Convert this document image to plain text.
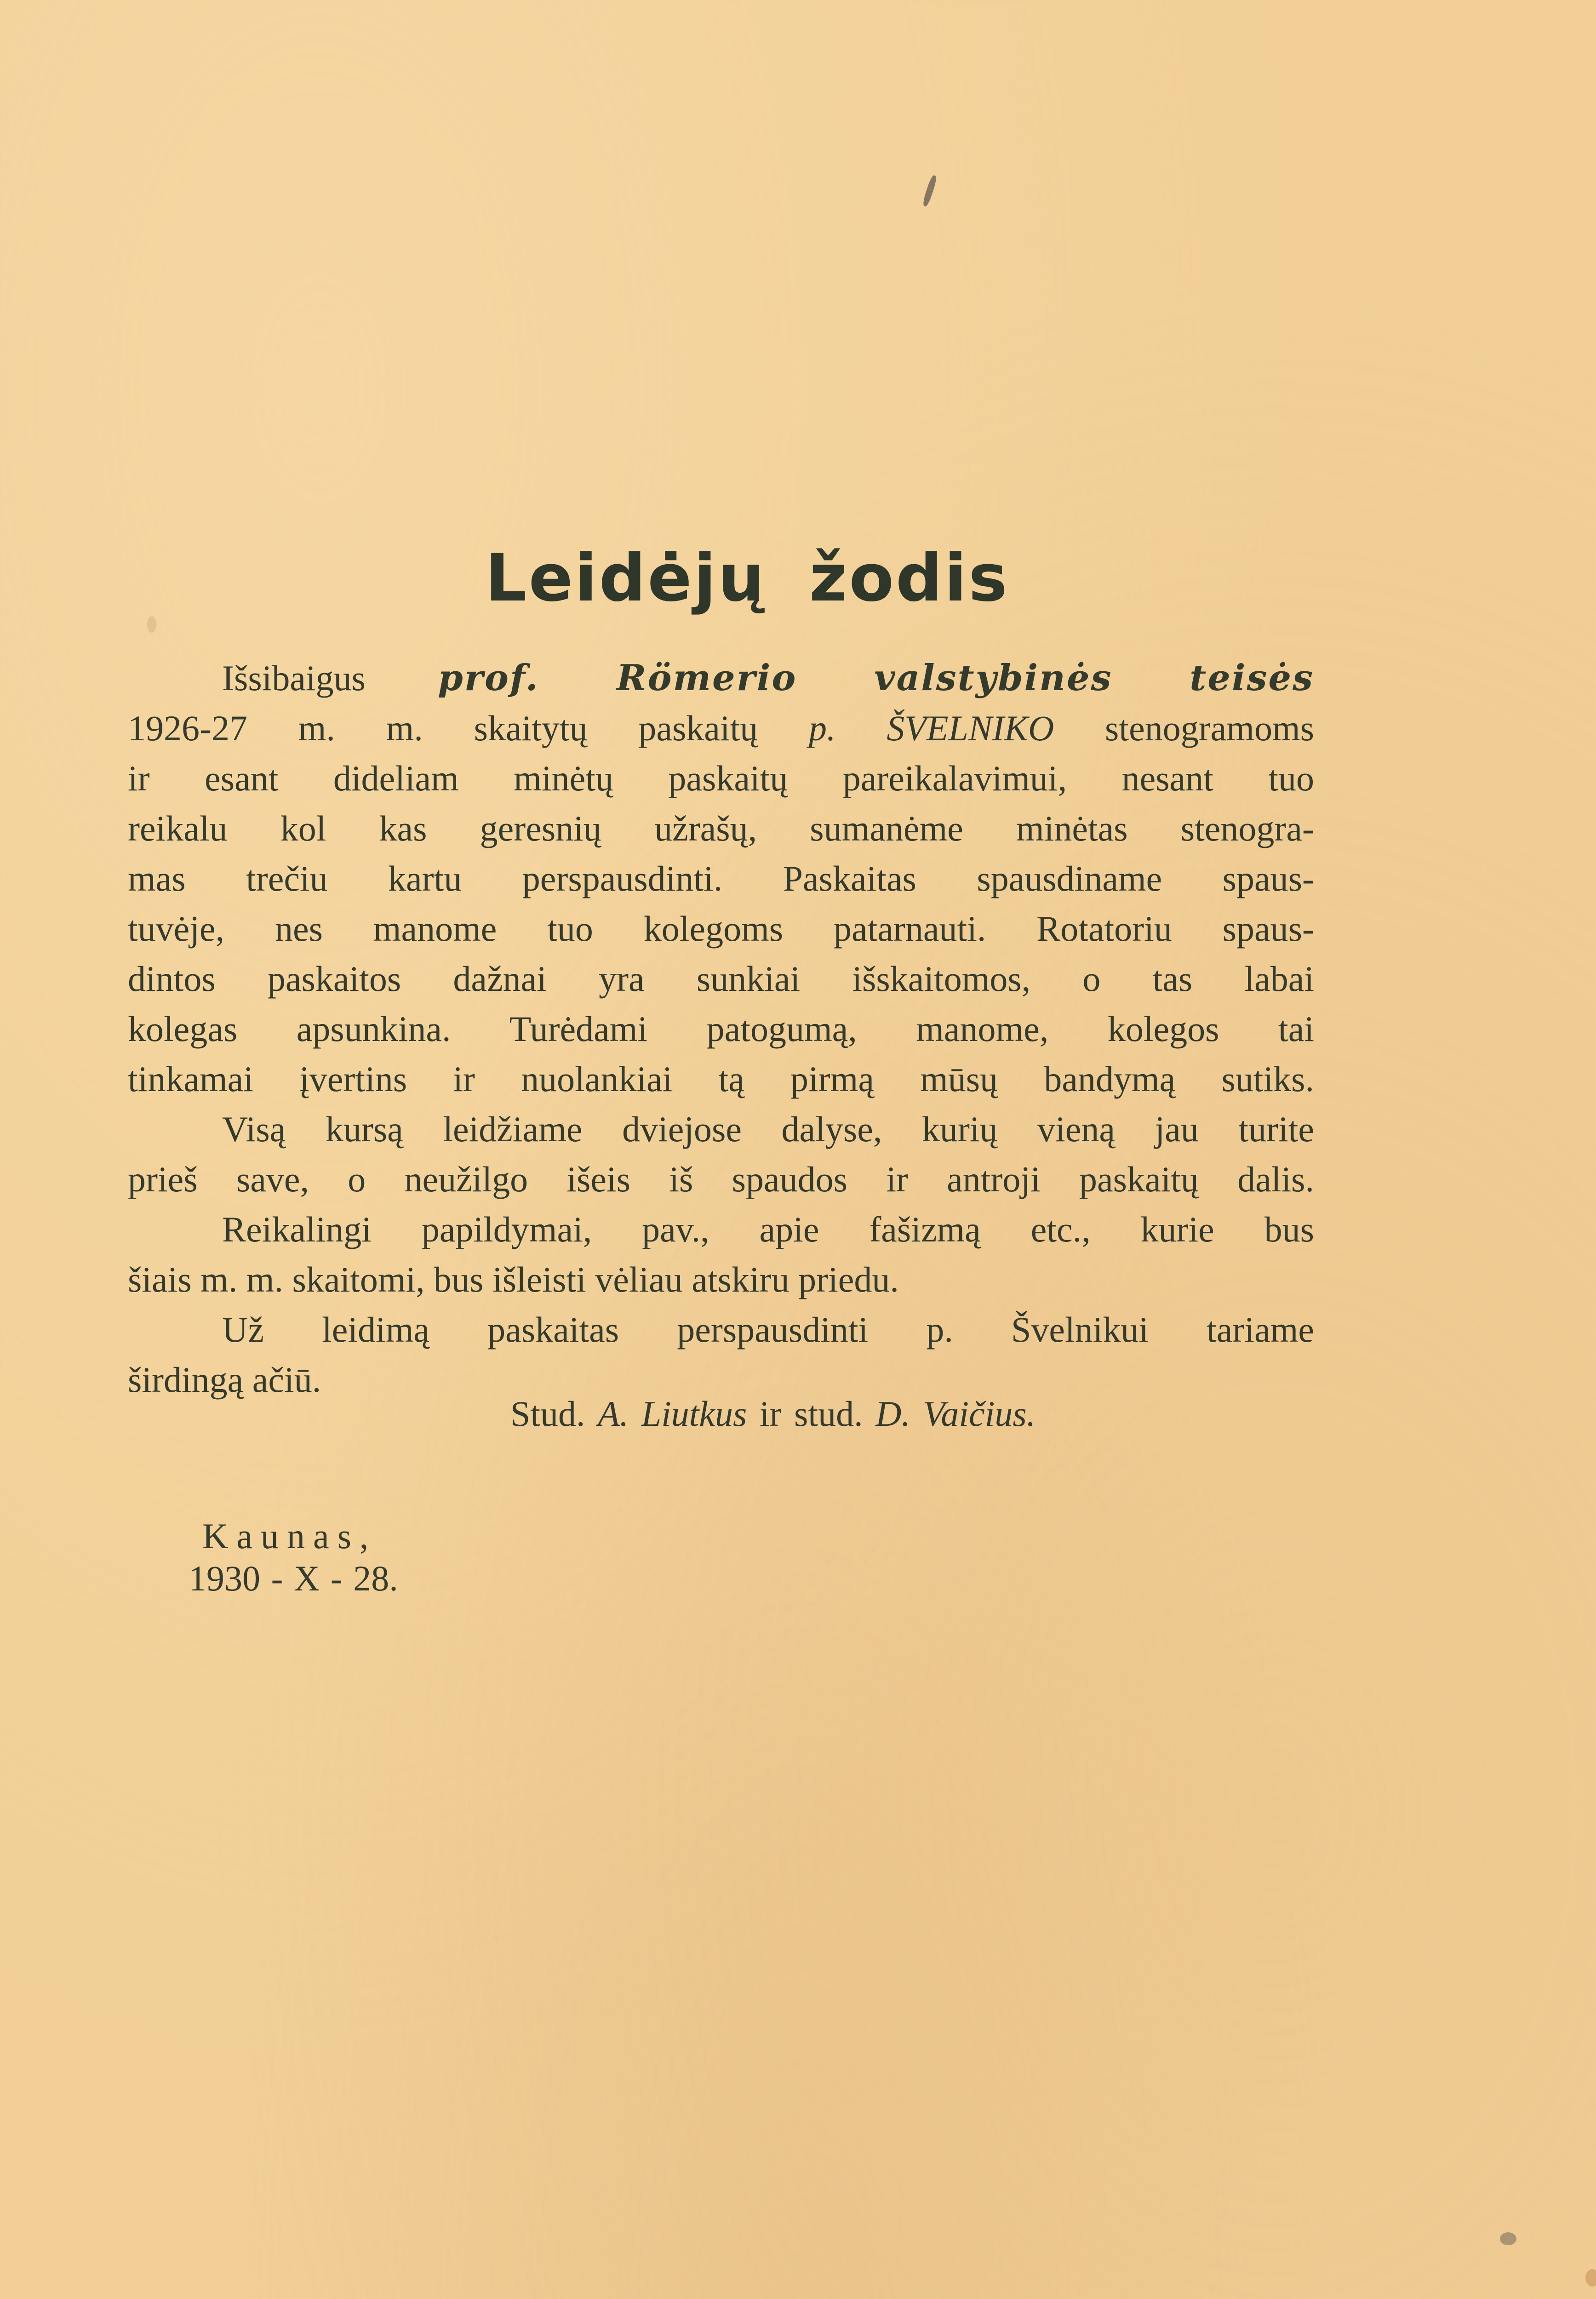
Leidėjų žodis
Išsibaigus prof. Römerio valstybinės teisės
1926-27 m. m. skaitytų paskaitų p. ŠVELNIKO stenogramoms
ir esant dideliam minėtų paskaitų pareikalavimui, nesant tuo
reikalu kol kas geresnių užrašų, sumanėme minėtas stenogra-
mas trečiu kartu perspausdinti. Paskaitas spausdiname spaus-
tuvėje, nes manome tuo kolegoms patarnauti. Rotatoriu spaus-
dintos paskaitos dažnai yra sunkiai išskaitomos, o tas labai
kolegas apsunkina. Turėdami patogumą, manome, kolegos tai
tinkamai įvertins ir nuolankiai tą pirmą mūsų bandymą sutiks.
Visą kursą leidžiame dviejose dalyse, kurių vieną jau turite
prieš save, o neužilgo išeis iš spaudos ir antroji paskaitų dalis.
Reikalingi papildymai, pav., apie fašizmą etc., kurie bus
šiais m. m. skaitomi, bus išleisti vėliau atskiru priedu.
Už leidimą paskaitas perspausdinti p. Švelnikui tariame
širdingą ačiū.
Stud. A. Liutkus ir stud. D. Vaičius.
Kaunas,
1930 - X - 28.
